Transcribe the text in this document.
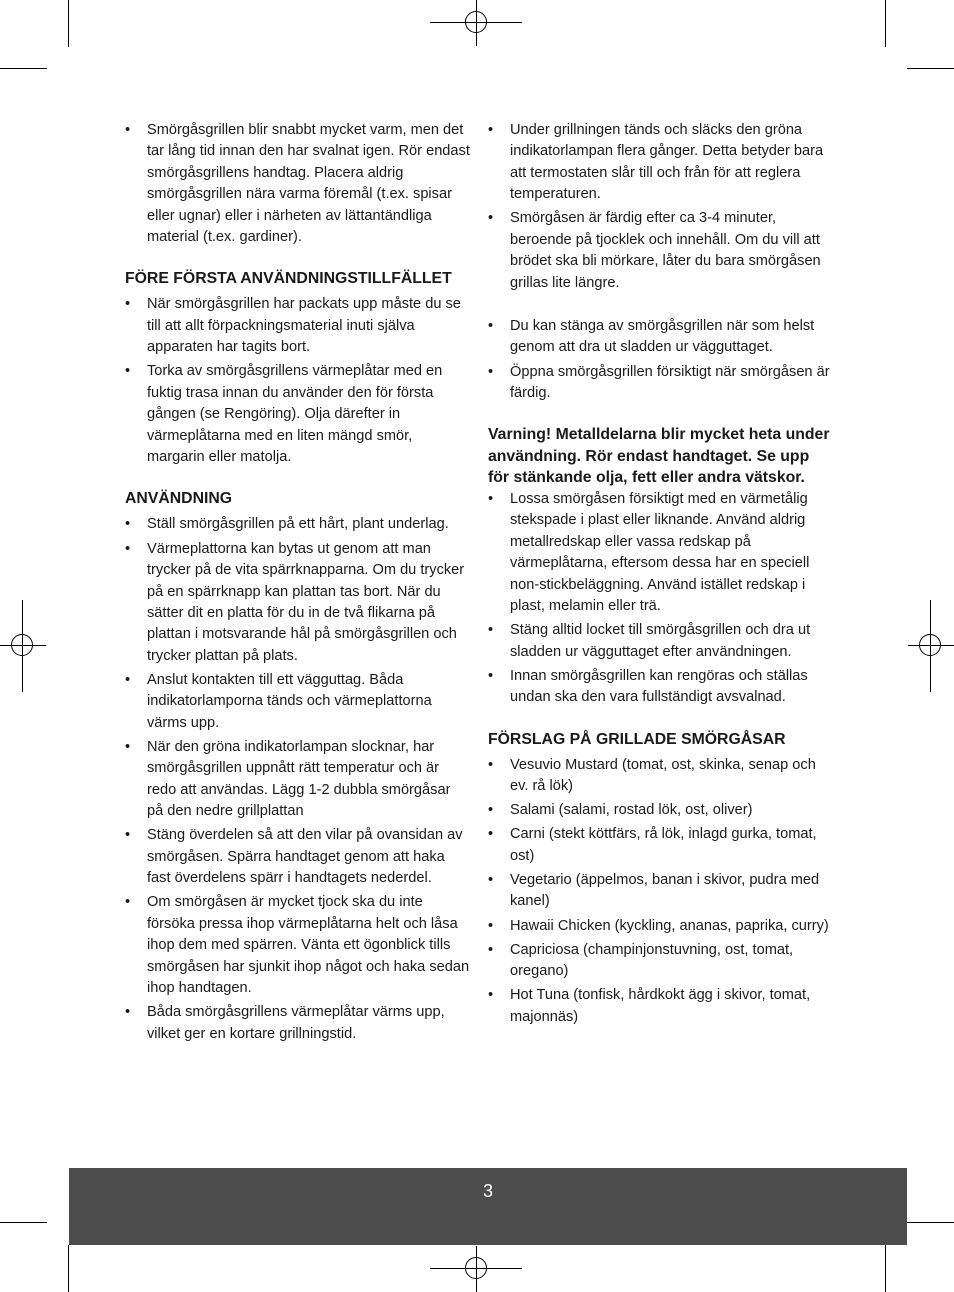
• Smörgåsgrillen blir snabbt mycket varm, men det tar lång tid innan den har svalnat igen. Rör endast smörgåsgrillens handtag. Placera aldrig smörgåsgrillen nära varma föremål (t.ex. spisar eller ugnar) eller i närheten av lättantändliga material (t.ex. gardiner).
FÖRE FÖRSTA ANVÄNDNINGSTILLFÄLLET
• När smörgåsgrillen har packats upp måste du se till att allt förpackningsmaterial inuti själva apparaten har tagits bort.
• Torka av smörgåsgrillens värmeplåtar med en fuktig trasa innan du använder den för första gången (se Rengöring). Olja därefter in värmeplåtarna med en liten mängd smör, margarin eller matolja.
ANVÄNDNING
• Ställ smörgåsgrillen på ett hårt, plant underlag.
• Värmeplattorna kan bytas ut genom att man trycker på de vita spärrknapparna. Om du trycker på en spärrknapp kan plattan tas bort. När du sätter dit en platta för du in de två flikarna på plattan i motsvarande hål på smörgåsgrillen och trycker plattan på plats.
• Anslut kontakten till ett vägguttag. Båda indikatorlamporna tänds och värmeplattorna värms upp.
• När den gröna indikatorlampan slocknar, har smörgåsgrillen uppnått rätt temperatur och är redo att användas. Lägg 1-2 dubbla smörgåsar på den nedre grillplattan
• Stäng överdelen så att den vilar på ovansidan av smörgåsen. Spärra handtaget genom att haka fast överdelens spärr i handtagets nederdel.
• Om smörgåsen är mycket tjock ska du inte försöka pressa ihop värmeplåtarna helt och låsa ihop dem med spärren. Vänta ett ögonblick tills smörgåsen har sjunkit ihop något och haka sedan ihop handtagen.
• Båda smörgåsgrillens värmeplåtar värms upp, vilket ger en kortare grillningstid.
• Under grillningen tänds och släcks den gröna indikatorlampan flera gånger. Detta betyder bara att termostaten slår till och från för att reglera temperaturen.
• Smörgåsen är färdig efter ca 3-4 minuter, beroende på tjocklek och innehåll. Om du vill att brödet ska bli mörkare, låter du bara smörgåsen grillas lite längre.
• Du kan stänga av smörgåsgrillen när som helst genom att dra ut sladden ur vägguttaget.
• Öppna smörgåsgrillen försiktigt när smörgåsen är färdig.

Varning! Metalldelarna blir mycket heta under användning. Rör endast handtaget. Se upp för stänkande olja, fett eller andra vätskor.

• Lossa smörgåsen försiktigt med en värmetålig stekspade i plast eller liknande. Använd aldrig metallredskap eller vassa redskap på värmeplåtarna, eftersom dessa har en speciell non-stickbeläggning. Använd istället redskap i plast, melamin eller trä.
• Stäng alltid locket till smörgåsgrillen och dra ut sladden ur vägguttaget efter användningen.
• Innan smörgåsgrillen kan rengöras och ställas undan ska den vara fullständigt avsvalnad.
FÖRSLAG PÅ GRILLADE SMÖRGÅSAR
• Vesuvio Mustard (tomat, ost, skinka, senap och ev. rå lök)
• Salami (salami, rostad lök, ost, oliver)
• Carni (stekt köttfärs, rå lök, inlagd gurka, tomat, ost)
• Vegetario (äppelmos, banan i skivor, pudra med kanel)
• Hawaii Chicken (kyckling, ananas, paprika, curry)
• Capriciosa (champinjonstuvning, ost, tomat, oregano)
• Hot Tuna (tonfisk, hårdkokt ägg i skivor, tomat, majonnäs)
3
